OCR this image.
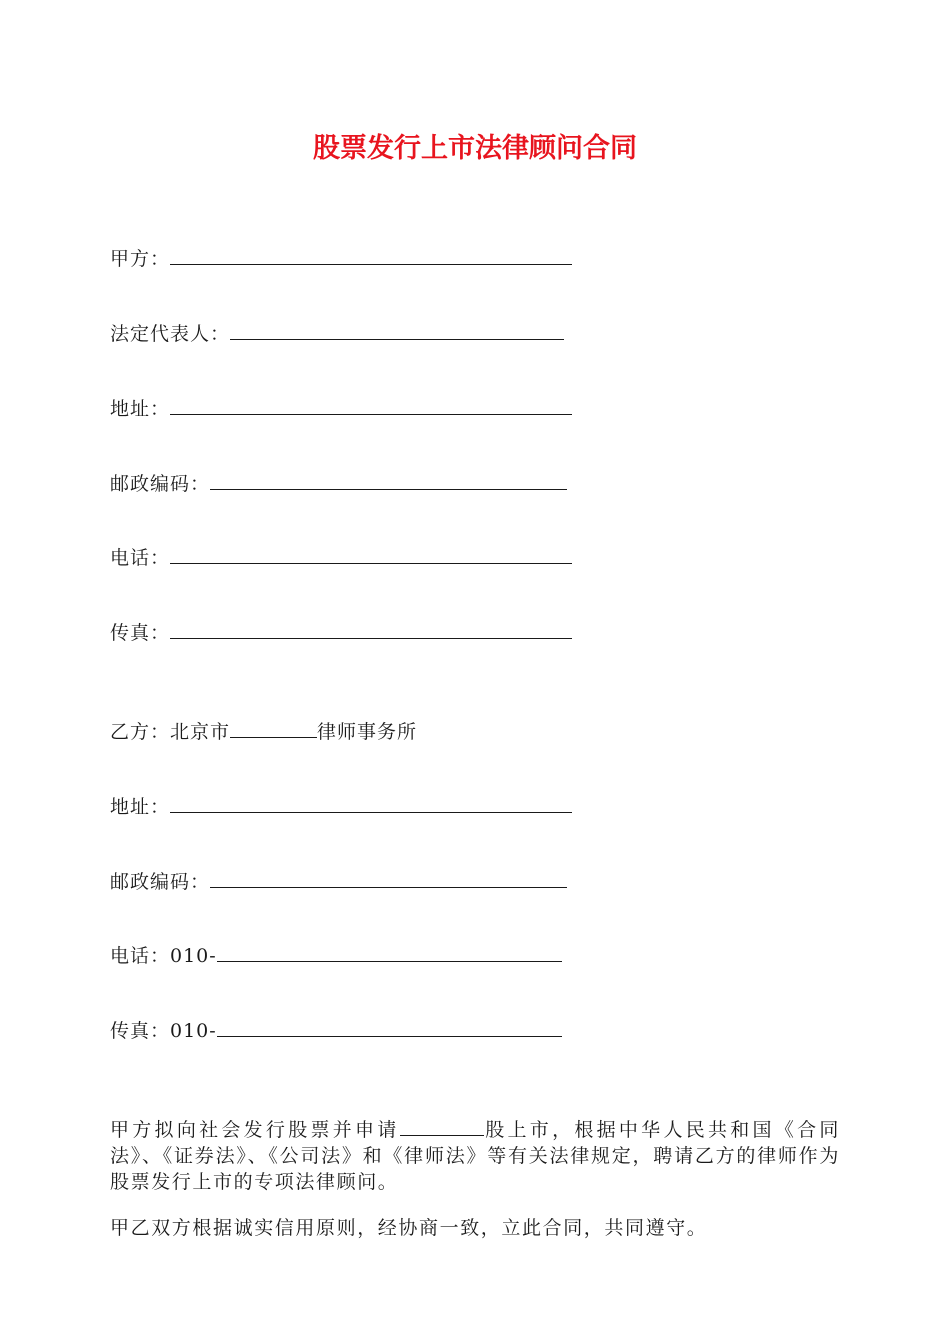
股票发行上市法律顾问合同
甲方：
法定代表人：
地址：
邮政编码：
电话：
传真：
乙方：北京市	律师事务所
地址：
邮政编码：
电话：010-
传真：010-
甲方拟向社会发行股票并申请	股上市，根据中华人民共和国《合同法》、《证券法》、《公司法》和《律师法》等有关法律规定，聘请乙方的律师作为股票发行上市的专项法律顾问。
甲乙双方根据诚实信用原则，经协商一致，立此合同，共同遵守。
